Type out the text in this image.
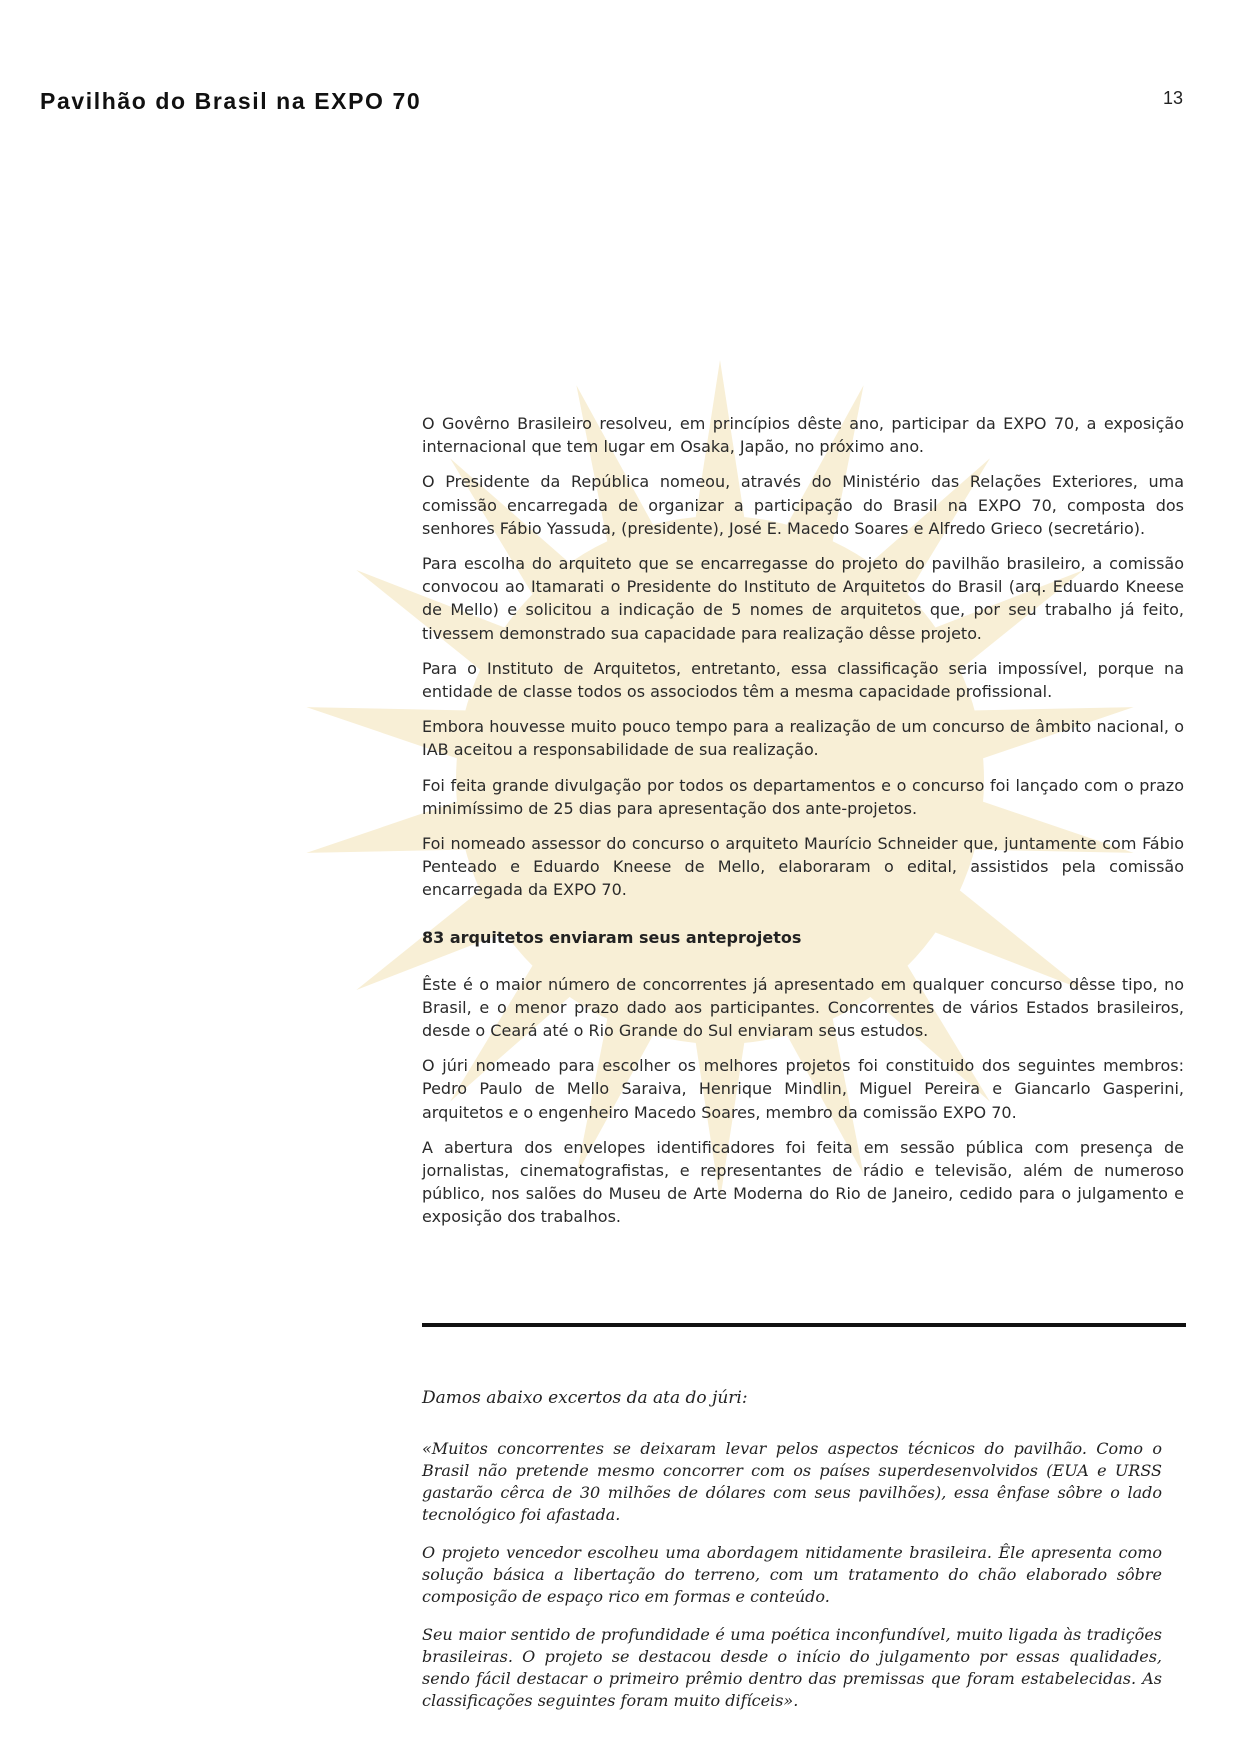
Pavilhão do Brasil na EXPO 70	13

O Govêrno Brasileiro resolveu, em princípios dêste ano, participar da EXPO 70, a exposição internacional que tem lugar em Osaka, Japão, no próximo ano.

O Presidente da República nomeou, através do Ministério das Relações Exteriores, uma comissão encarregada de organizar a participação do Brasil na EXPO 70, composta dos senhores Fábio Yassuda, (presidente), José E. Macedo Soares e Alfredo Grieco (secretário).

Para escolha do arquiteto que se encarregasse do projeto do pavilhão brasileiro, a comissão convocou ao Itamarati o Presidente do Instituto de Arquitetos do Brasil (arq. Eduardo Kneese de Mello) e solicitou a indicação de 5 nomes de arquitetos que, por seu trabalho já feito, tivessem demonstrado sua capacidade para realização dêsse projeto.

Para o Instituto de Arquitetos, entretanto, essa classificação seria impossível, porque na entidade de classe todos os associodos têm a mesma capacidade profissional.

Embora houvesse muito pouco tempo para a realização de um concurso de âmbito nacional, o IAB aceitou a responsabilidade de sua realização.

Foi feita grande divulgação por todos os departamentos e o concurso foi lançado com o prazo minimíssimo de 25 dias para apresentação dos ante-projetos.

Foi nomeado assessor do concurso o arquiteto Maurício Schneider que, juntamente com Fábio Penteado e Eduardo Kneese de Mello, elaboraram o edital, assistidos pela comissão encarregada da EXPO 70.

83 arquitetos enviaram seus anteprojetos

Êste é o maior número de concorrentes já apresentado em qualquer concurso dêsse tipo, no Brasil, e o menor prazo dado aos participantes. Concorrentes de vários Estados brasileiros, desde o Ceará até o Rio Grande do Sul enviaram seus estudos.

O júri nomeado para escolher os melhores projetos foi constituido dos seguintes membros: Pedro Paulo de Mello Saraiva, Henrique Mindlin, Miguel Pereira e Giancarlo Gasperini, arquitetos e o engenheiro Macedo Soares, membro da comissão EXPO 70.

A abertura dos envelopes identificadores foi feita em sessão pública com presença de jornalistas, cinematografistas, e representantes de rádio e televisão, além de numeroso público, nos salões do Museu de Arte Moderna do Rio de Janeiro, cedido para o julgamento e exposição dos trabalhos.

Damos abaixo excertos da ata do júri:

«Muitos concorrentes se deixaram levar pelos aspectos técnicos do pavilhão. Como o Brasil não pretende mesmo concorrer com os países superdesenvolvidos (EUA e URSS gastarão cêrca de 30 milhões de dólares com seus pavilhões), essa ênfase sôbre o lado tecnológico foi afastada.

O projeto vencedor escolheu uma abordagem nitidamente brasileira. Êle apresenta como solução básica a libertação do terreno, com um tratamento do chão elaborado sôbre composição de espaço rico em formas e conteúdo.

Seu maior sentido de profundidade é uma poética inconfundível, muito ligada às tradições brasileiras. O projeto se destacou desde o início do julgamento por essas qualidades, sendo fácil destacar o primeiro prêmio dentro das premissas que foram estabelecidas. As classificações seguintes foram muito difíceis».
